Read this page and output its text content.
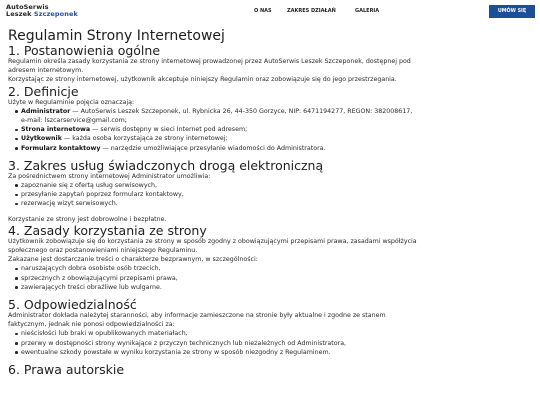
AutoSerwis
Leszek Szczeponek	O NAS	ZAKRES DZIAŁAŃ	GALERIA	UMÓW SIĘ
Regulamin Strony Internetowej
1. Postanowienia ogólne

Regulamin określa zasady korzystania ze strony internetowej prowadzonej przez AutoSerwis Leszek Szczeponek, dostępnej pod adresem internetowym.

Korzystając ze strony internetowej, użytkownik akceptuje niniejszy Regulamin oraz zobowiązuje się do jego przestrzegania.

2. Definicje

Użyte w Regulaminie pojęcia oznaczają:

Administrator — AutoSerwis Leszek Szczeponek, ul. Rybnicka 26, 44-350 Gorzyce, NIP: 6471194277, REGON: 382008617, e-mail: lszcarservice@gmail.com;
Strona internetowa — serwis dostępny w sieci Internet pod adresem;
Użytkownik — każda osoba korzystająca ze strony internetowej;
Formularz kontaktowy — narzędzie umożliwiające przesyłanie wiadomości do Administratora.
3. Zakres usług świadczonych drogą elektroniczną

Za pośrednictwem strony internetowej Administrator umożliwia:

zapoznanie się z ofertą usług serwisowych,
przesyłanie zapytań poprzez formularz kontaktowy,
rezerwację wizyt serwisowych.

Korzystanie ze strony jest dobrowolne i bezpłatne.

4. Zasady korzystania ze strony

Użytkownik zobowiązuje się do korzystania ze strony w sposób zgodny z obowiązującymi przepisami prawa, zasadami współżycia społecznego oraz postanowieniami niniejszego Regulaminu.

Zakazane jest dostarczanie treści o charakterze bezprawnym, w szczególności:

naruszających dobra osobiste osób trzecich,
sprzecznych z obowiązującymi przepisami prawa,
zawierających treści obraźliwe lub wulgarne.
5. Odpowiedzialność

Administrator dokłada należytej staranności, aby informacje zamieszczone na stronie były aktualne i zgodne ze stanem faktycznym, jednak nie ponosi odpowiedzialności za:

nieścisłości lub braki w opublikowanych materiałach,
przerwy w dostępności strony wynikające z przyczyn technicznych lub niezależnych od Administratora,
ewentualne szkody powstałe w wyniku korzystania ze strony w sposób niezgodny z Regulaminem.
6. Prawa autorskie
